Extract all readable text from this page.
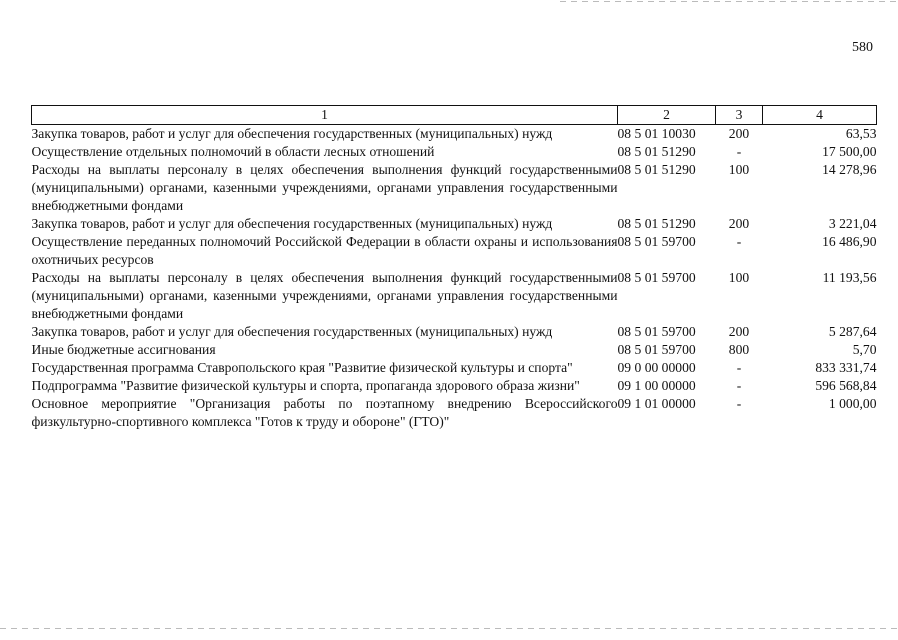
580
1	2	3	4
Закупка товаров, работ и услуг для обеспечения государственных (муниципальных) нужд	08 5 01 10030	200	63,53
Осуществление отдельных полномочий в области лесных отношений	08 5 01 51290	-	17 500,00
Расходы на выплаты персоналу в целях обеспечения выполнения функций государственными (муниципальными) органами, казенными учреждениями, органами управления государственными внебюджетными фондами	08 5 01 51290	100	14 278,96
Закупка товаров, работ и услуг для обеспечения государственных (муниципальных) нужд	08 5 01 51290	200	3 221,04
Осуществление переданных полномочий Российской Федерации в области охраны и использования охотничьих ресурсов	08 5 01 59700	-	16 486,90
Расходы на выплаты персоналу в целях обеспечения выполнения функций государственными (муниципальными) органами, казенными учреждениями, органами управления государственными внебюджетными фондами	08 5 01 59700	100	11 193,56
Закупка товаров, работ и услуг для обеспечения государственных (муниципальных) нужд	08 5 01 59700	200	5 287,64
Иные бюджетные ассигнования	08 5 01 59700	800	5,70
Государственная программа Ставропольского края "Развитие физической культуры и спорта"	09 0 00 00000	-	833 331,74
Подпрограмма "Развитие физической культуры и спорта, пропаганда здорового образа жизни"	09 1 00 00000	-	596 568,84
Основное мероприятие "Организация работы по поэтапному внедрению Всероссийского физкультурно-спортивного комплекса "Готов к труду и обороне" (ГТО)"	09 1 01 00000	-	1 000,00
